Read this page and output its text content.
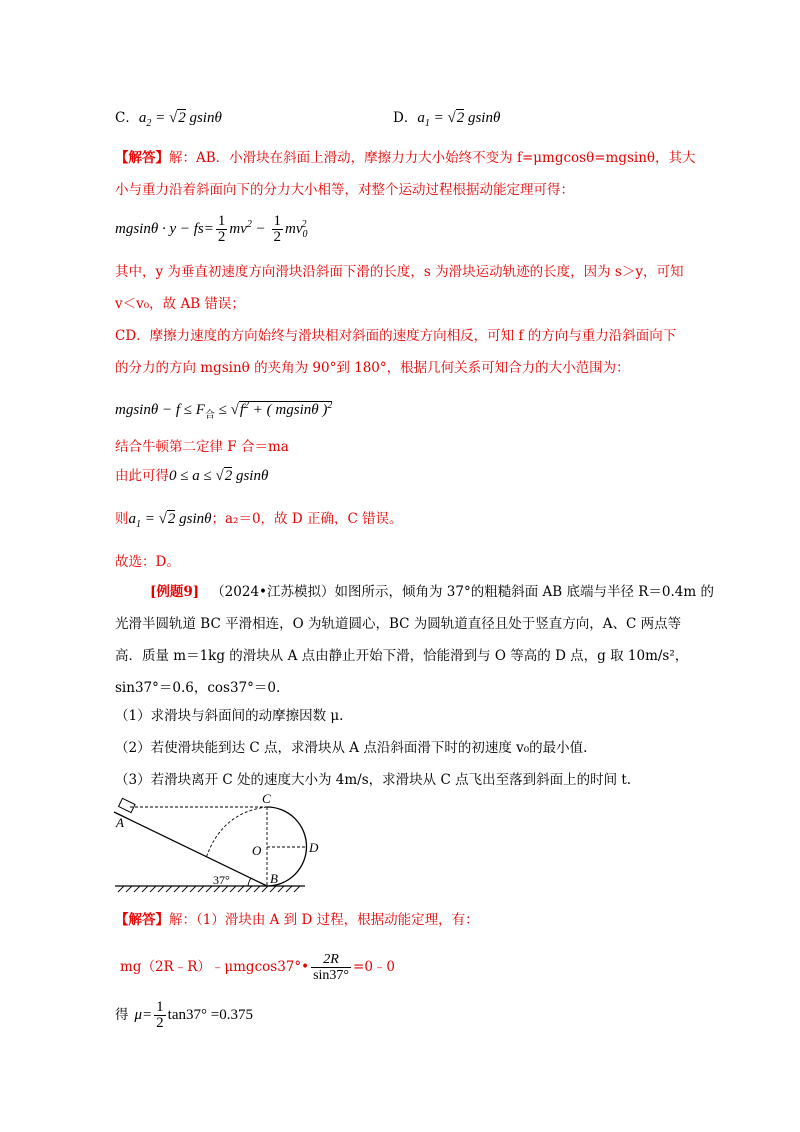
C．$a_2 = √2$ gsinθ	D．$a_1 = √2$ gsinθ
【解答】解：AB．小滑块在斜面上滑动，摩擦力力大小始终不变为 f=μmgcosθ=mgsinθ，其大
小与重力沿着斜面向下的分力大小相等，对整个运动过程根据动能定理可得：
$mgsin\theta \cdot y - fs= \frac{1}{2} mv^2 - \frac{1}{2} mv_0^2$
其中，y 为垂直初速度方向滑块沿斜面下滑的长度，s 为滑块运动轨迹的长度，因为 s＞y，可知
v＜v₀，故 AB 错误；
CD．摩擦力速度的方向始终与滑块相对斜面的速度方向相反，可知 f 的方向与重力沿斜面向下
的分力的方向 mgsinθ 的夹角为 90°到 180°，根据几何关系可知合力的大小范围为：
$mgsin\theta - f \le F_合 \le √f^2$ + ( mgsinθ )$^2$
结合牛顿第二定律 F 合＝ma
由此可得0 ≤ a ≤ √2 gsinθ
则$a_1 = √2$ gsinθ；a₂＝0，故 D 正确，C 错误。
故选：D。
[例题9] （2024•江苏模拟）如图所示，倾角为 37°的粗糙斜面 AB 底端与半径 R＝0.4m 的
光滑半圆轨道 BC 平滑相连，O 为轨道圆心，BC 为圆轨道直径且处于竖直方向，A、C 两点等
高．质量 m＝1kg 的滑块从 A 点由静止开始下滑，恰能滑到与 O 等高的 D 点，g 取 10m/s²，
sin37°＝0.6，cos37°＝0.
（1）求滑块与斜面间的动摩擦因数 μ.
（2）若使滑块能到达 C 点，求滑块从 A 点沿斜面滑下时的初速度 v₀的最小值.
（3）若滑块离开 C 处的速度大小为 4m/s，求滑块从 C 点飞出至落到斜面上的时间 t.
A
C
O	D
B
37°
【解答】解：（1）滑块由 A 到 D 过程，根据动能定理，有：
mg（2R﹣R）﹣μmgcos37°• $\frac{2R}{\sin 37^\circ}$ =0﹣0
得 $\mu= \frac{1}{2} \tan 37^\circ =0.375$
